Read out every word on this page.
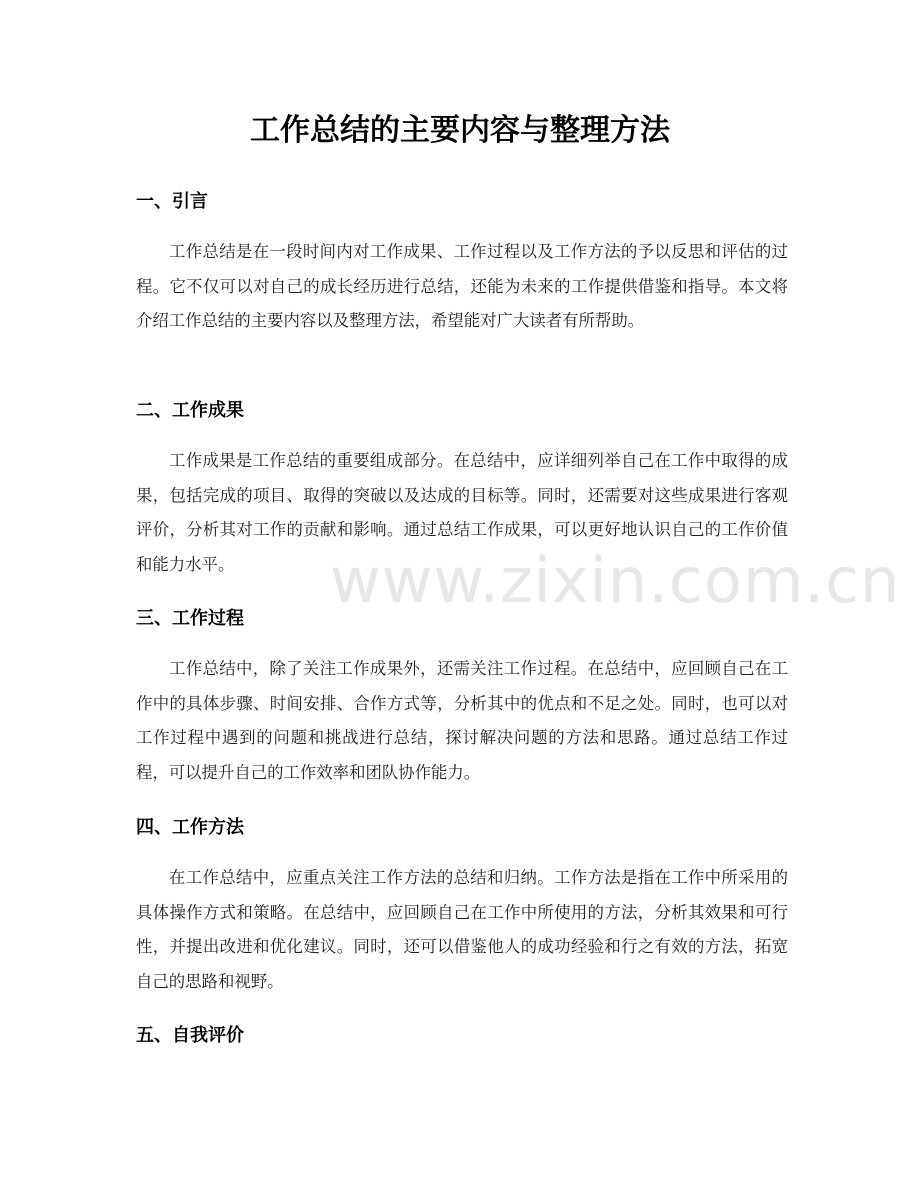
工作总结的主要内容与整理方法
一、引言

工作总结是在一段时间内对工作成果、工作过程以及工作方法的予以反思和评估的过程。它不仅可以对自己的成长经历进行总结，还能为未来的工作提供借鉴和指导。本文将介绍工作总结的主要内容以及整理方法，希望能对广大读者有所帮助。

二、工作成果

工作成果是工作总结的重要组成部分。在总结中，应详细列举自己在工作中取得的成果，包括完成的项目、取得的突破以及达成的目标等。同时，还需要对这些成果进行客观评价，分析其对工作的贡献和影响。通过总结工作成果，可以更好地认识自己的工作价值和能力水平。

三、工作过程

工作总结中，除了关注工作成果外，还需关注工作过程。在总结中，应回顾自己在工作中的具体步骤、时间安排、合作方式等，分析其中的优点和不足之处。同时，也可以对工作过程中遇到的问题和挑战进行总结，探讨解决问题的方法和思路。通过总结工作过程，可以提升自己的工作效率和团队协作能力。

四、工作方法

在工作总结中，应重点关注工作方法的总结和归纳。工作方法是指在工作中所采用的具体操作方式和策略。在总结中，应回顾自己在工作中所使用的方法，分析其效果和可行性，并提出改进和优化建议。同时，还可以借鉴他人的成功经验和行之有效的方法，拓宽自己的思路和视野。

五、自我评价
www.zixin.com.cn
